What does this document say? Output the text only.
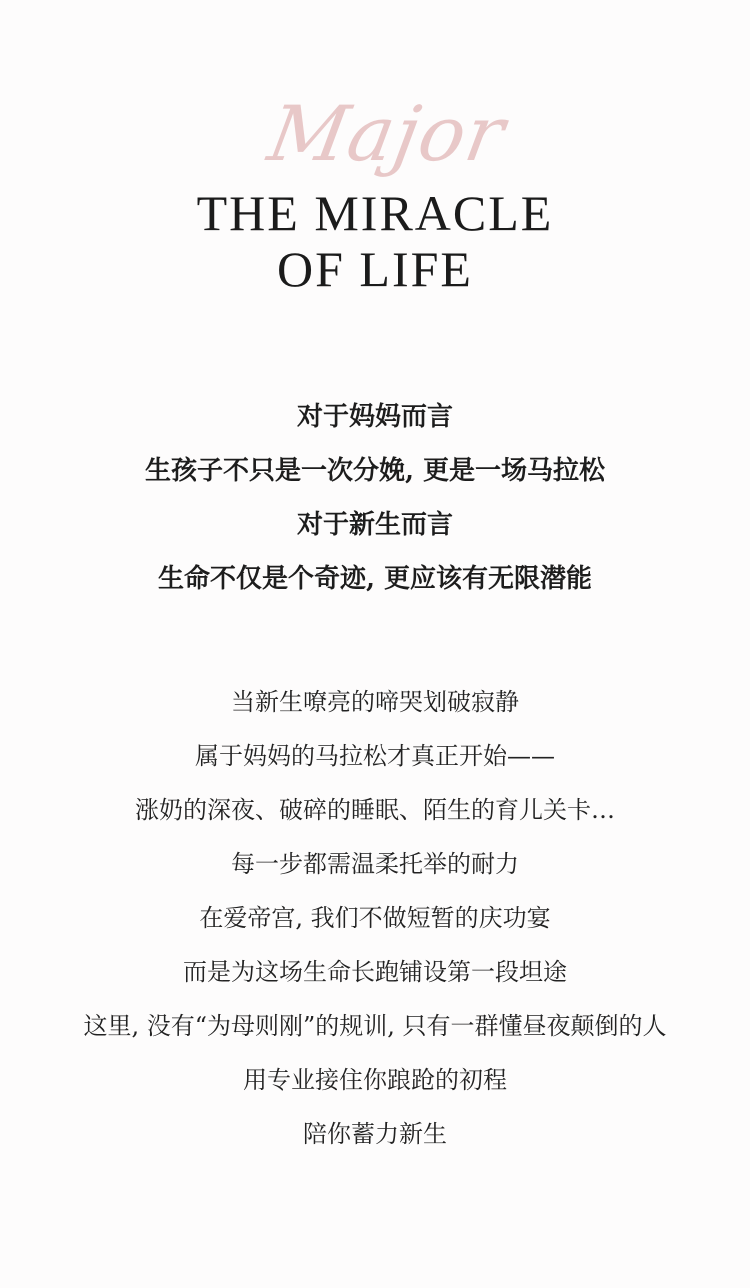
Major
THE MIRACLE
OF LIFE
对于妈妈而言
生孩子不只是一次分娩, 更是一场马拉松
对于新生而言
生命不仅是个奇迹, 更应该有无限潜能
当新生嘹亮的啼哭划破寂静
属于妈妈的马拉松才真正开始——
涨奶的深夜、破碎的睡眠、陌生的育儿关卡…
每一步都需温柔托举的耐力
在爱帝宫, 我们不做短暂的庆功宴
而是为这场生命长跑铺设第一段坦途
这里, 没有“为母则刚”的规训, 只有一群懂昼夜颠倒的人
用专业接住你踉跄的初程
陪你蓄力新生
